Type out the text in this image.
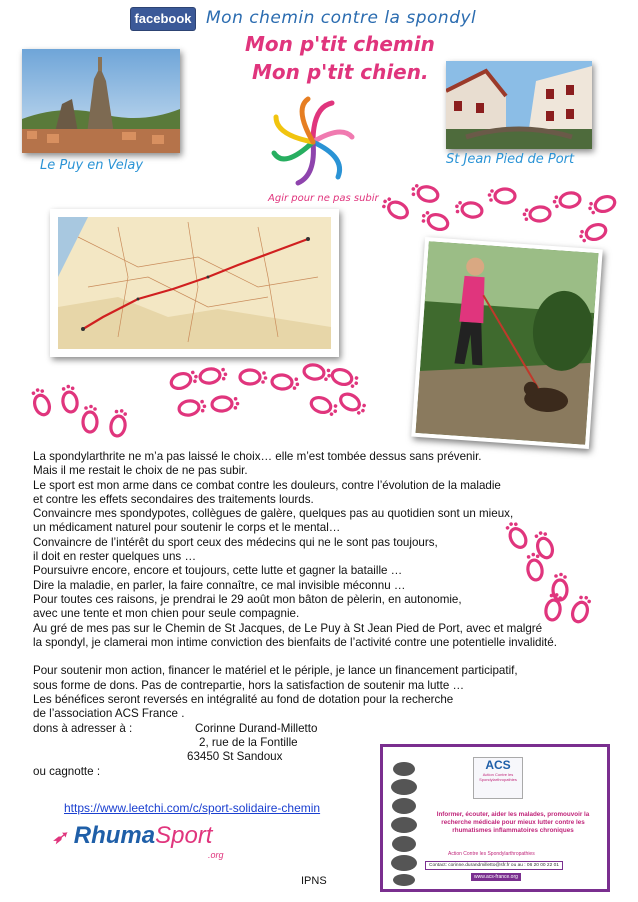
facebook Mon chemin contre la spondyl
Mon p'tit chemin
Mon p'tit chien.
Le Puy en Velay
Agir pour ne pas subir
St Jean Pied de Port
La spondylarthrite ne m’a pas laissé le choix… elle m’est tombée dessus sans prévenir.
Mais il me restait le choix de ne pas subir.
Le sport est mon arme dans ce combat contre les douleurs, contre l’évolution de la maladie
et contre les effets secondaires des traitements lourds.
Convaincre mes spondypotes, collègues de galère, quelques pas au quotidien sont un mieux,
un médicament naturel pour soutenir le corps et le mental…
Convaincre de l’intérêt du sport ceux des médecins qui ne le sont pas toujours,
il doit en rester quelques uns …
Poursuivre encore, encore et toujours, cette lutte et gagner la bataille …
Dire la maladie, en parler, la faire connaître, ce mal invisible méconnu …
Pour toutes ces raisons, je prendrai le 29 août mon bâton de pèlerin, en autonomie,
avec une tente et mon chien pour seule compagnie.
Au gré de mes pas sur le Chemin de St Jacques, de Le Puy à St Jean Pied de Port, avec et malgré
la spondyl, je clamerai mon intime conviction des bienfaits de l’activité contre une potentielle invalidité.

Pour soutenir mon action, financer le matériel et le périple, je lance un financement participatif,
sous forme de dons. Pas de contrepartie, hors la satisfaction de soutenir ma lutte …
Les bénéfices seront reversés en intégralité au fond de dotation pour la recherche
de l’association ACS France .
dons à adresser à :	Corinne Durand-Milletto
2, rue de la Fontille
63450 St Sandoux
ou cagnotte :
https://www.leetchi.com/c/sport-solidaire-chemin
➶ RhumaSport
.org
IPNS
ACS
Action Contre les Spondylarthropathies
Informer, écouter, aider les malades, promouvoir la recherche médicale pour mieux lutter contre les rhumatismes inflammatoires chroniques
Action Contre les Spondylarthropathies
Contact: corinne.durandmilletto@sfr.fr ou au : 06 20 00 22 01
www.acs-france.org
